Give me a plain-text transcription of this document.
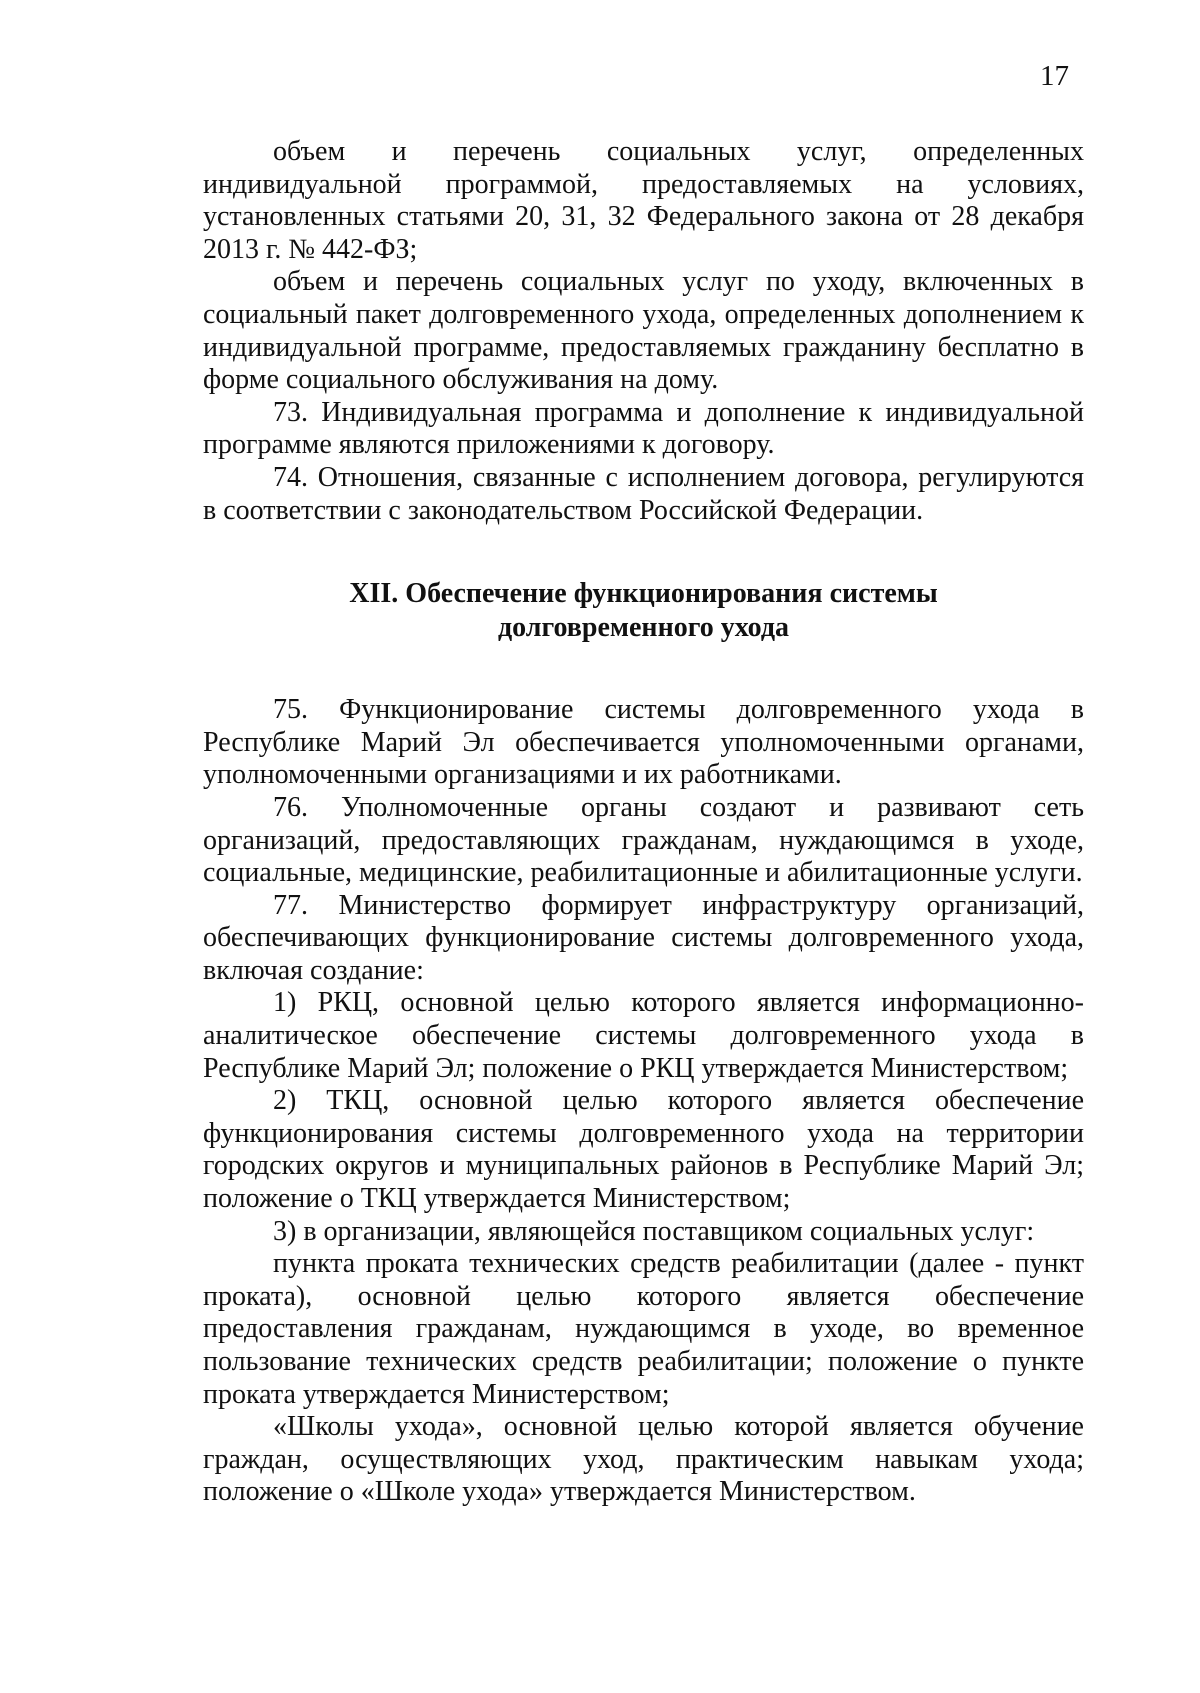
17

объем и перечень социальных услуг, определенных индивидуальной программой, предоставляемых на условиях, установленных статьями 20, 31, 32 Федерального закона от 28 декабря 2013 г. № 442-ФЗ;

объем и перечень социальных услуг по уходу, включенных в социальный пакет долговременного ухода, определенных дополнением к индивидуальной программе, предоставляемых гражданину бесплатно в форме социального обслуживания на дому.

73. Индивидуальная программа и дополнение к индивидуальной программе являются приложениями к договору.

74. Отношения, связанные с исполнением договора, регулируются в соответствии с законодательством Российской Федерации.

XII. Обеспечение функционирования системы
долговременного ухода

75. Функционирование системы долговременного ухода в Республике Марий Эл обеспечивается уполномоченными органами, уполномоченными организациями и их работниками.

76. Уполномоченные органы создают и развивают сеть организаций, предоставляющих гражданам, нуждающимся в уходе, социальные, медицинские, реабилитационные и абилитационные услуги.

77. Министерство формирует инфраструктуру организаций, обеспечивающих функционирование системы долговременного ухода, включая создание:

1) РКЦ, основной целью которого является информационно-аналитическое обеспечение системы долговременного ухода в Республике Марий Эл; положение о РКЦ утверждается Министерством;

2) ТКЦ, основной целью которого является обеспечение функционирования системы долговременного ухода на территории городских округов и муниципальных районов в Республике Марий Эл; положение о ТКЦ утверждается Министерством;

3) в организации, являющейся поставщиком социальных услуг:

пункта проката технических средств реабилитации (далее - пункт проката), основной целью которого является обеспечение предоставления гражданам, нуждающимся в уходе, во временное пользование технических средств реабилитации; положение о пункте проката утверждается Министерством;

«Школы ухода», основной целью которой является обучение граждан, осуществляющих уход, практическим навыкам ухода; положение о «Школе ухода» утверждается Министерством.
